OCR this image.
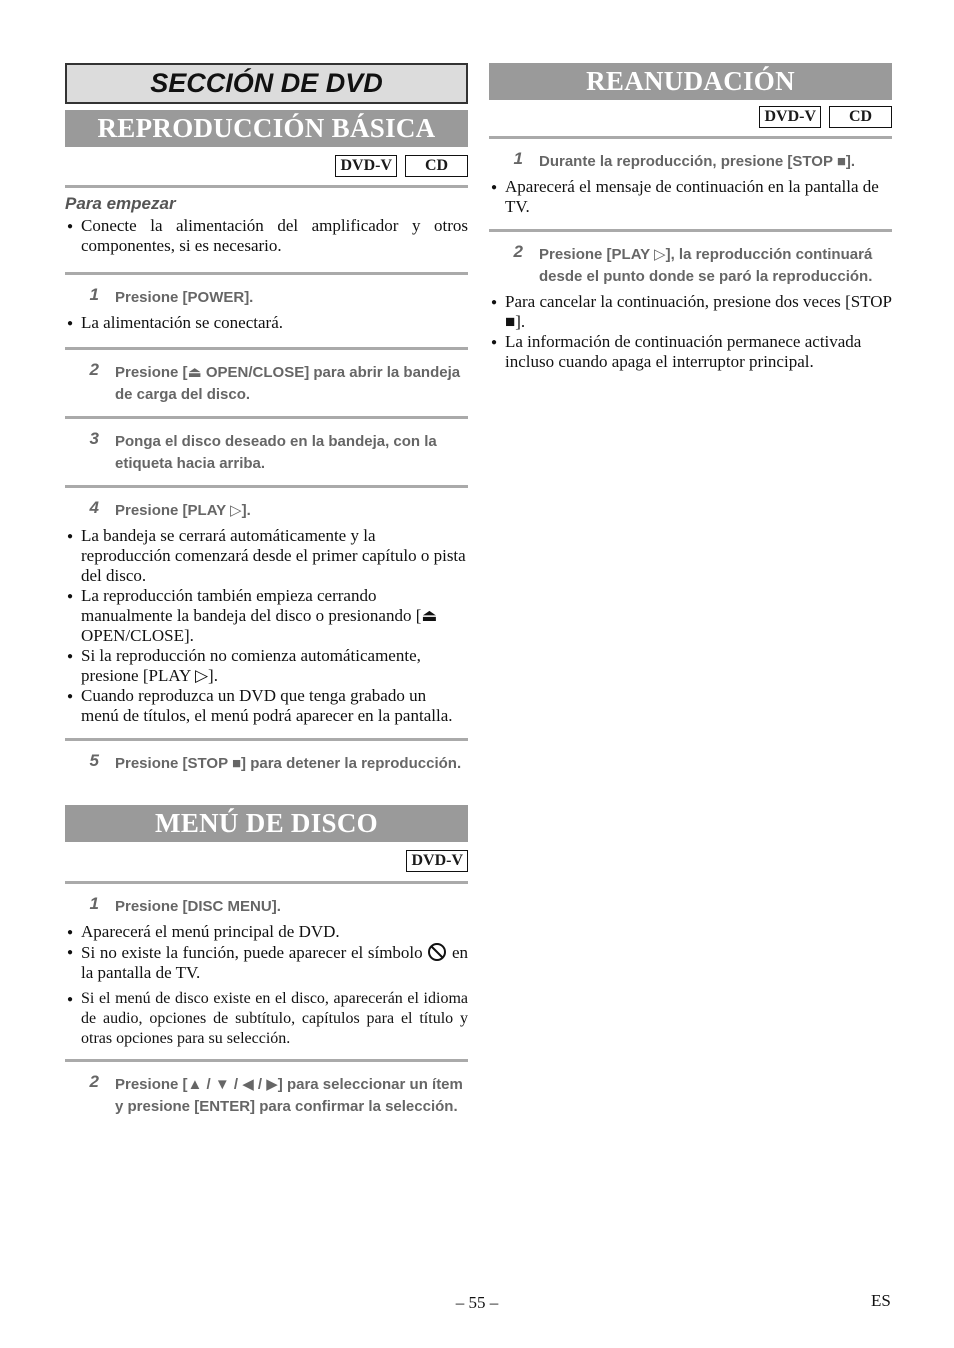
SECCIÓN DE DVD
REPRODUCCIÓN BÁSICA
DVD-V	CD
Para empezar
● Conecte la alimentación del amplificador y otros componentes, si es necesario.
1	Presione [POWER].
● La alimentación se conectará.
2	Presione [⏏ OPEN/CLOSE] para abrir la bandeja de carga del disco.
3	Ponga el disco deseado en la bandeja, con la etiqueta hacia arriba.
4	Presione [PLAY ▷].
● La bandeja se cerrará automáticamente y la reproducción comenzará desde el primer capítulo o pista del disco.
● La reproducción también empieza cerrando manualmente la bandeja del disco o presionando [⏏ OPEN/CLOSE].
● Si la reproducción no comienza automáticamente, presione [PLAY ▷].
● Cuando reproduzca un DVD que tenga grabado un menú de títulos, el menú podrá aparecer en la pantalla.
5	Presione [STOP ■] para detener la reproducción.
MENÚ DE DISCO
DVD-V
1	Presione [DISC MENU].
● Aparecerá el menú principal de DVD.
● Si no existe la función, puede aparecer el símbolo en la pantalla de TV.
● Si el menú de disco existe en el disco, aparecerán el idioma de audio, opciones de subtítulo, capítulos para el título y otras opciones para su selección.
2	Presione [▲ / ▼ / ◀ / ▶] para seleccionar un ítem y presione [ENTER] para confirmar la selección.
REANUDACIÓN
DVD-V	CD
1	Durante la reproducción, presione [STOP ■].
● Aparecerá el mensaje de continuación en la pantalla de TV.
2	Presione [PLAY ▷], la reproducción continuará desde el punto donde se paró la reproducción.
● Para cancelar la continuación, presione dos veces [STOP ■].
● La información de continuación permanece activada incluso cuando apaga el interruptor principal.
– 55 –	ES
